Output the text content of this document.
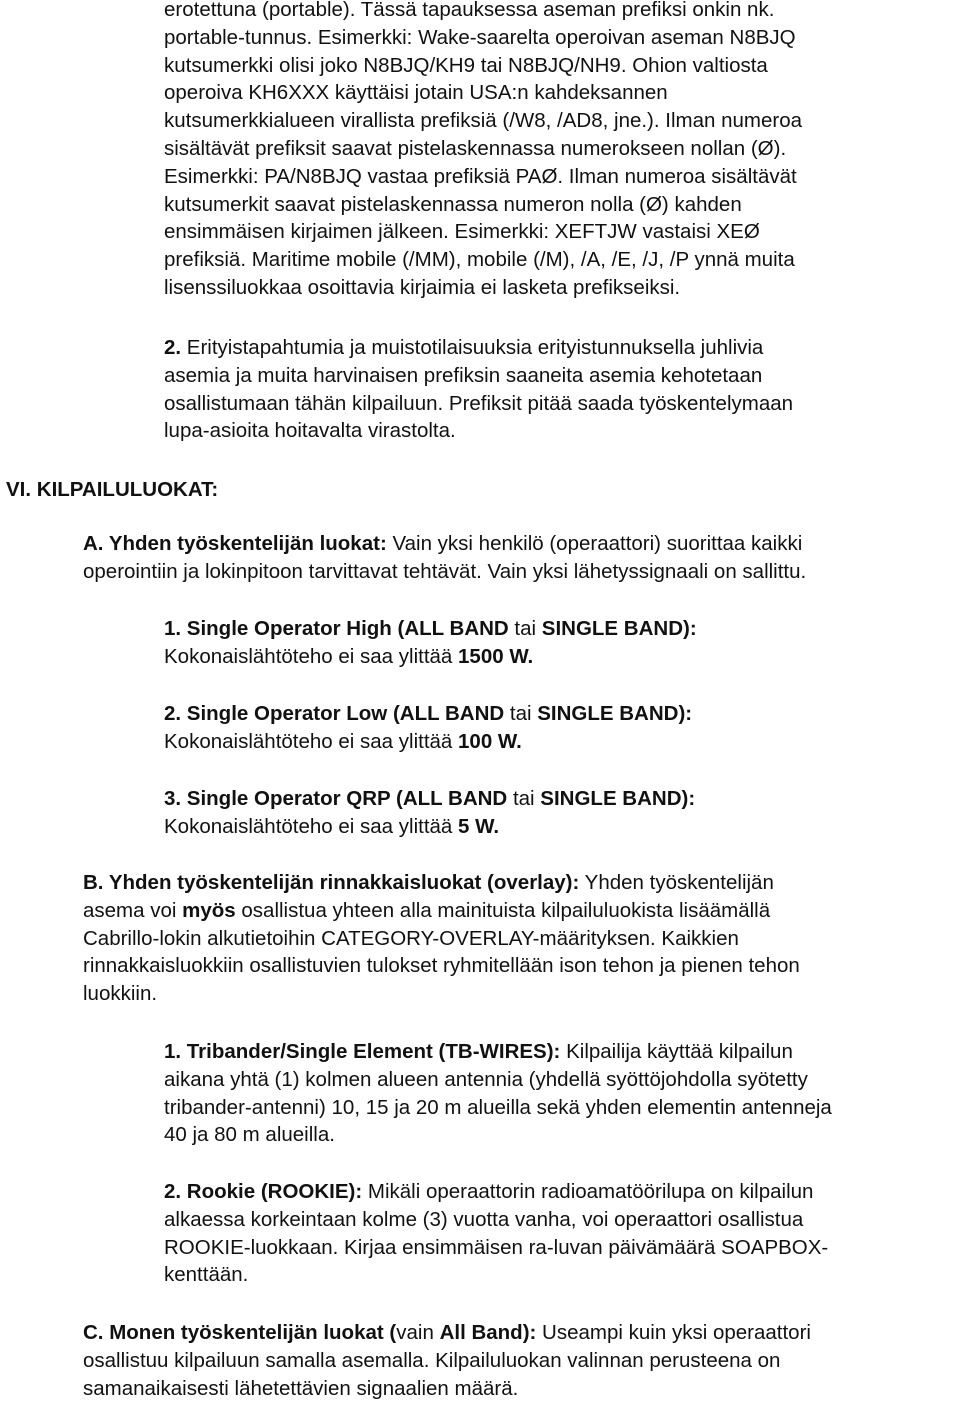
erotettuna (portable). Tässä tapauksessa aseman prefiksi onkin nk.
portable-tunnus. Esimerkki: Wake-saarelta operoivan aseman N8BJQ
kutsumerkki olisi joko N8BJQ/KH9 tai N8BJQ/NH9. Ohion valtiosta
operoiva KH6XXX käyttäisi jotain USA:n kahdeksannen
kutsumerkkialueen virallista prefiksiä (/W8, /AD8, jne.). Ilman numeroa
sisältävät prefiksit saavat pistelaskennassa numerokseen nollan (Ø).
Esimerkki: PA/N8BJQ vastaa prefiksiä PAØ. Ilman numeroa sisältävät
kutsumerkit saavat pistelaskennassa numeron nolla (Ø) kahden
ensimmäisen kirjaimen jälkeen. Esimerkki: XEFTJW vastaisi XEØ
prefiksiä. Maritime mobile (/MM), mobile (/M), /A, /E, /J, /P ynnä muita
lisenssiluokkaa osoittavia kirjaimia ei lasketa prefikseiksi.
2. Erityistapahtumia ja muistotilaisuuksia erityistunnuksella juhlivia
asemia ja muita harvinaisen prefiksin saaneita asemia kehotetaan
osallistumaan tähän kilpailuun. Prefiksit pitää saada työskentelymaan
lupa-asioita hoitavalta virastolta.
VI. KILPAILULUOKAT:
A. Yhden työskentelijän luokat: Vain yksi henkilö (operaattori) suorittaa kaikki
operointiin ja lokinpitoon tarvittavat tehtävät. Vain yksi lähetyssignaali on sallittu.
1. Single Operator High (ALL BAND tai SINGLE BAND):
Kokonaislähtöteho ei saa ylittää 1500 W.
2. Single Operator Low (ALL BAND tai SINGLE BAND):
Kokonaislähtöteho ei saa ylittää 100 W.
3. Single Operator QRP (ALL BAND tai SINGLE BAND):
Kokonaislähtöteho ei saa ylittää 5 W.
B. Yhden työskentelijän rinnakkaisluokat (overlay): Yhden työskentelijän
asema voi myös osallistua yhteen alla mainituista kilpailuluokista lisäämällä
Cabrillo-lokin alkutietoihin CATEGORY-OVERLAY-määrityksen. Kaikkien
rinnakkaisluokkiin osallistuvien tulokset ryhmitellään ison tehon ja pienen tehon
luokkiin.
1. Tribander/Single Element (TB-WIRES): Kilpailija käyttää kilpailun
aikana yhtä (1) kolmen alueen antennia (yhdellä syöttöjohdolla syötetty
tribander-antenni) 10, 15 ja 20 m alueilla sekä yhden elementin antenneja
40 ja 80 m alueilla.
2. Rookie (ROOKIE): Mikäli operaattorin radioamatöörilupa on kilpailun
alkaessa korkeintaan kolme (3) vuotta vanha, voi operaattori osallistua
ROOKIE-luokkaan. Kirjaa ensimmäisen ra-luvan päivämäärä SOAPBOX-
kenttään.
C. Monen työskentelijän luokat (vain All Band): Useampi kuin yksi operaattori
osallistuu kilpailuun samalla asemalla. Kilpailuluokan valinnan perusteena on
samanaikaisesti lähetettävien signaalien määrä.
